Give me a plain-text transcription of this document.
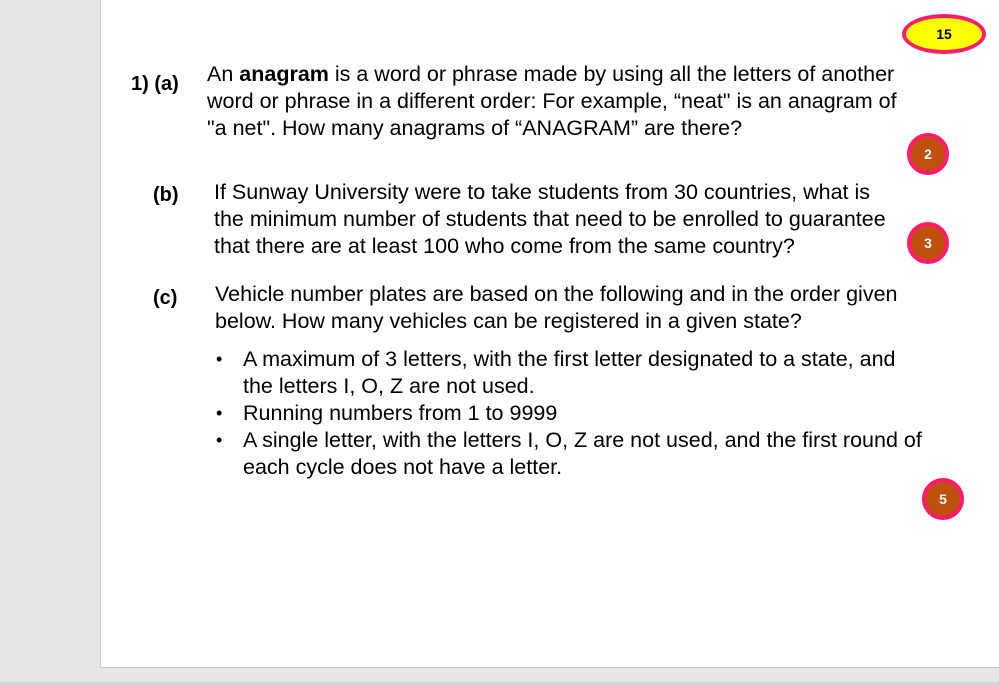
15
1) (a) An anagram is a word or phrase made by using all the letters of another
word or phrase in a different order: For example, “neat" is an anagram of
"a net". How many anagrams of “ANAGRAM” are there?
2
(b) If Sunway University were to take students from 30 countries, what is
the minimum number of students that need to be enrolled to guarantee
that there are at least 100 who come from the same country?	3
(c) Vehicle number plates are based on the following and in the order given
below. How many vehicles can be registered in a given state?
• A maximum of 3 letters, with the first letter designated to a state, and
the letters I, O, Z are not used.
• Running numbers from 1 to 9999
• A single letter, with the letters I, O, Z are not used, and the first round of
each cycle does not have a letter.
5
